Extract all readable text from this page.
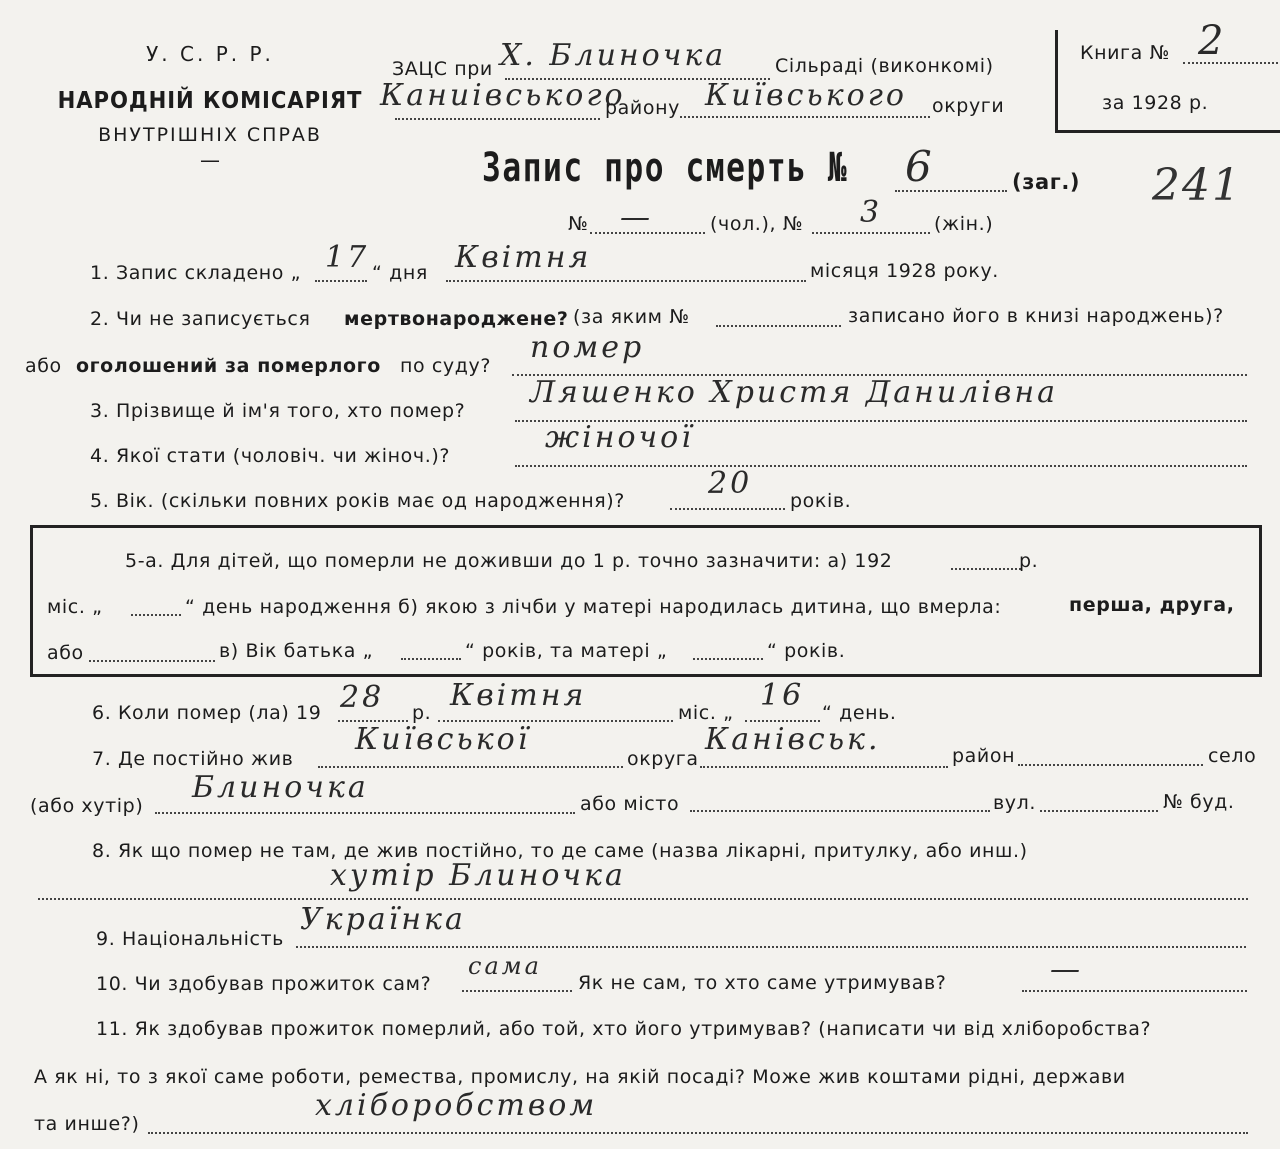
У. С. Р. Р.
НАРОДНІЙ КОМІСАРІЯТ
ВНУТРІШНІХ СПРАВ
—
ЗАЦС при Х. Блиночка	Сільраді (виконкомі)
Каниівського
району Київського округи
Книга № 2
за 1928 р.
Запис про смерть № 6	(заг.) 241
№ —	(чол.), № 3	(жін.)
1. Запис складено „ 17 “ дня Квітня	місяця 1928 року.
2. Чи не записується мертвонароджене? (за яким №	записано його в книзі народжень)?
або оголошений за померлого по суду?
помер
3. Прізвище й ім'я того, хто помер?
Ляшенко Христя Данилівна
4. Якої стати (чоловіч. чи жіноч.)?
жіночої
5. Вік. (скільки повних років має од народження)?	20 років.
5-а. Для дітей, що померли не доживши до 1 р. точно зазначити: а) 192	р.
міс. „	“ день народження б) якою з лічби у матері народилась дитина, що вмерла:	перша, друга,
або	в) Вік батька „	“ років, та матері „	“ років.
6. Коли помер (ла) 19 28 р. Квітня	міс. „ 16 “ день.
7. Де постійно жив
Київської
округа
Канівськ.	район	село
(або хутір)
Блиночка	або місто	вул.	№ буд.
8. Як що помер не там, де жив постійно, то де саме (назва лікарні, притулку, або инш.)
хутір Блиночка
9. Національність
Українка
10. Чи здобував прожиток сам?
сама
Як не сам, то хто саме утримував?	—
11. Як здобував прожиток померлий, або той, хто його утримував? (написати чи від хліборобства?
А як ні, то з якої саме роботи, ремества, промислу, на якій посаді? Може жив коштами рідні, держави
та инше?)
хліборобством
